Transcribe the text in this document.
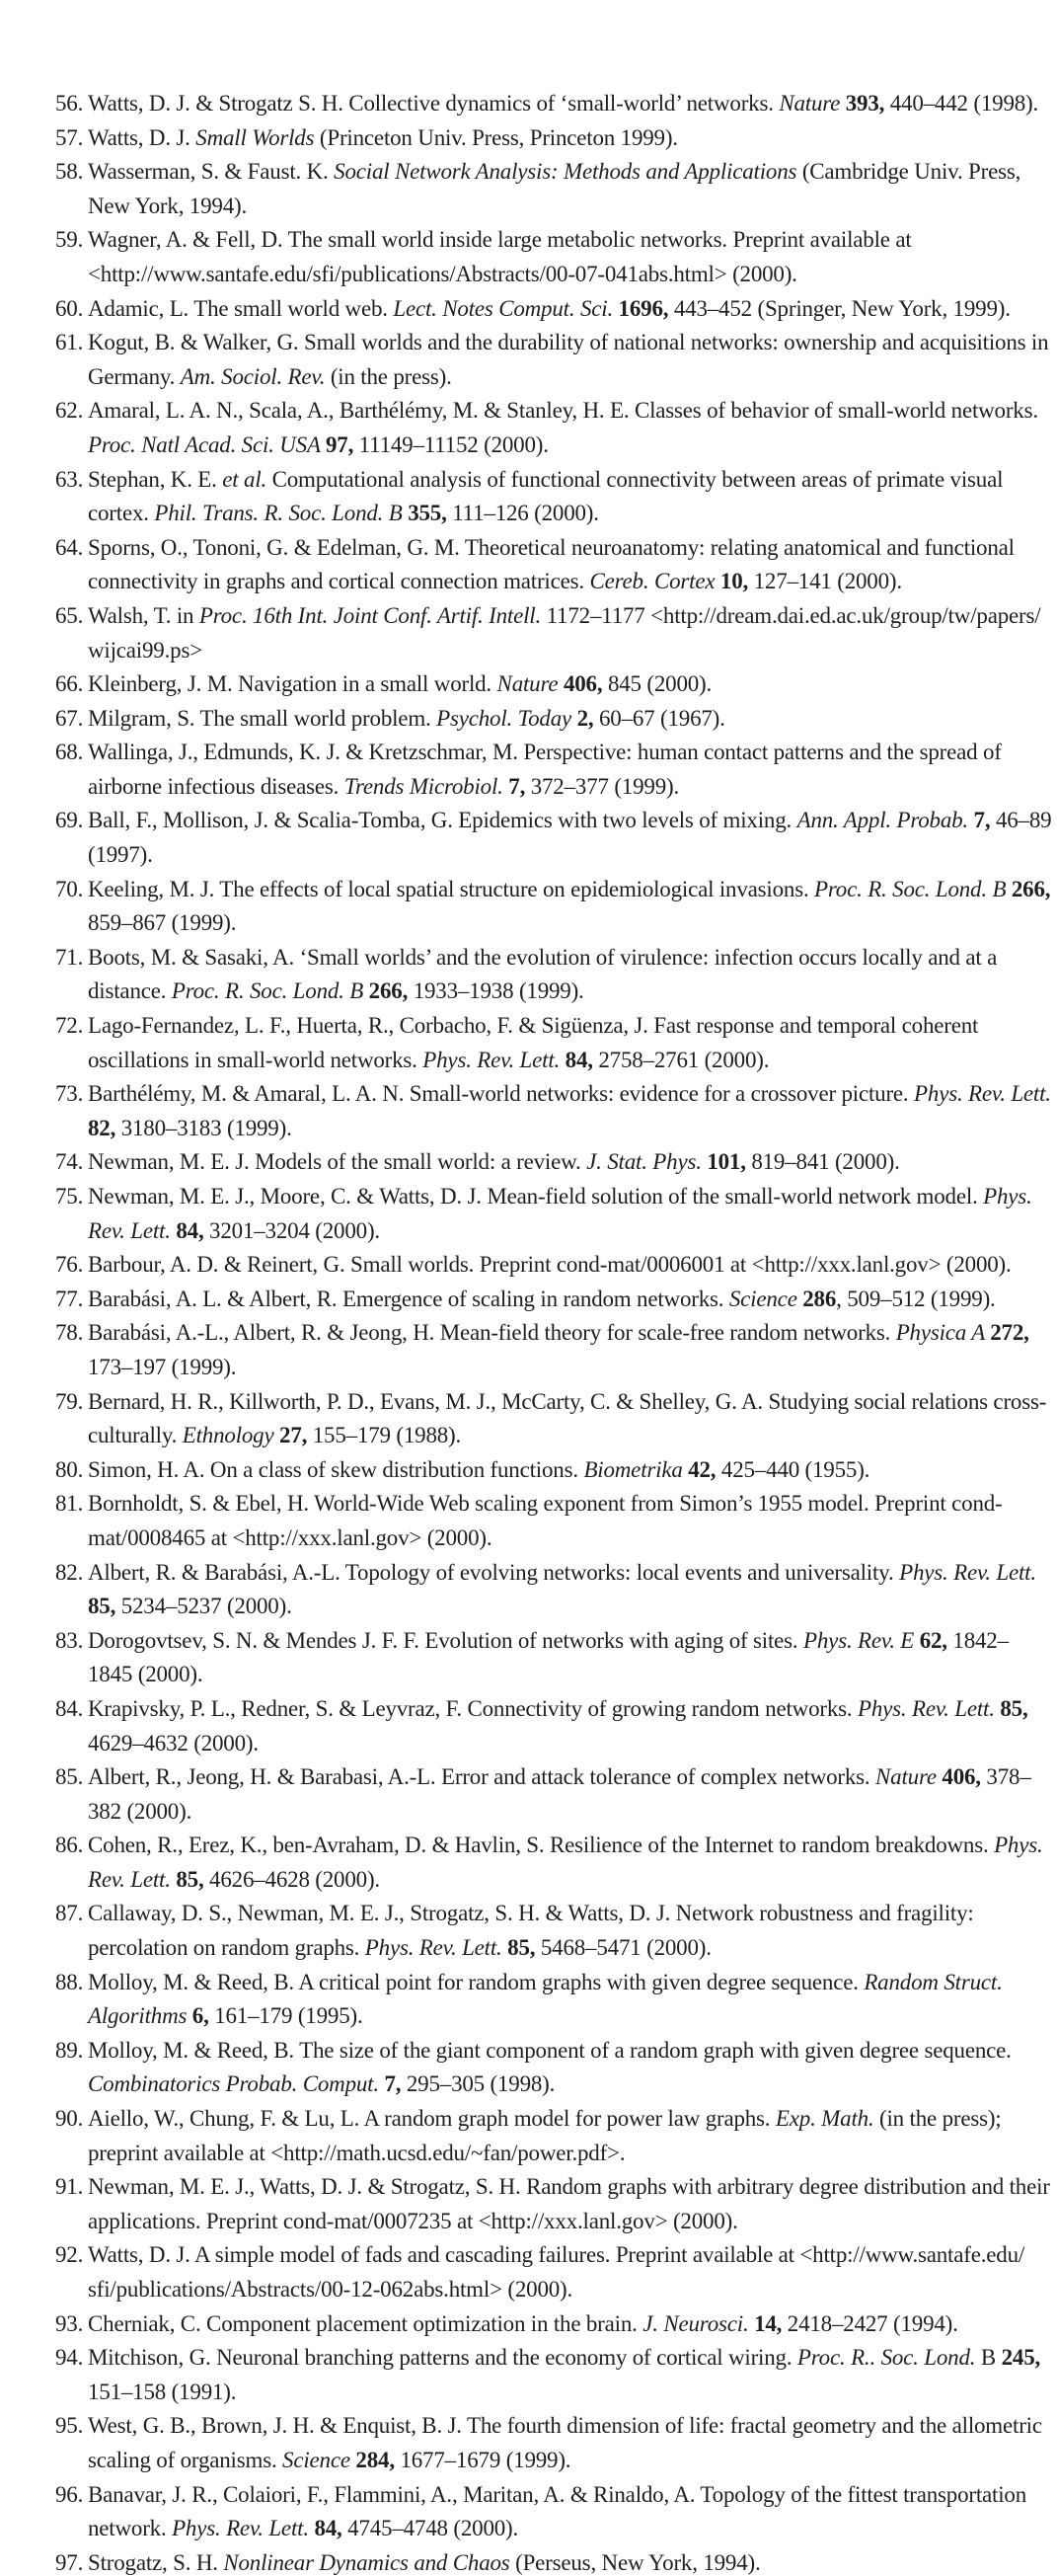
56. Watts, D. J. & Strogatz S. H. Collective dynamics of ‘small-world’ networks. Nature 393, 440–442 (1998).
57. Watts, D. J. Small Worlds (Princeton Univ. Press, Princeton 1999).
58. Wasserman, S. & Faust. K. Social Network Analysis: Methods and Applications (Cambridge Univ. Press, New York, 1994).
59. Wagner, A. & Fell, D. The small world inside large metabolic networks. Preprint available at <http://www.santafe.edu/​sfi/​publications/​Abstracts/​00-07-041abs.html> (2000).
60. Adamic, L. The small world web. Lect. Notes Comput. Sci. 1696, 443–452 (Springer, New York, 1999).
61. Kogut, B. & Walker, G. Small worlds and the durability of national networks: ownership and acquisitions in Germany. Am. Sociol. Rev. (in the press).
62. Amaral, L. A. N., Scala, A., Barthélémy, M. & Stanley, H. E. Classes of behavior of small-world networks. Proc. Natl Acad. Sci. USA 97, 11149–11152 (2000).
63. Stephan, K. E. et al. Computational analysis of functional connectivity between areas of primate visual cortex. Phil. Trans. R. Soc. Lond. B 355, 111–126 (2000).
64. Sporns, O., Tononi, G. & Edelman, G. M. Theoretical neuroanatomy: relating anatomical and functional connectivity in graphs and cortical connection matrices. Cereb. Cortex 10, 127–141 (2000).
65. Walsh, T. in Proc. 16th Int. Joint Conf. Artif. Intell. 1172–1177 <http://dream.dai.ed.ac.uk/​group/​tw/​papers/​wijcai99.ps>
66. Kleinberg, J. M. Navigation in a small world. Nature 406, 845 (2000).
67. Milgram, S. The small world problem. Psychol. Today 2, 60–67 (1967).
68. Wallinga, J., Edmunds, K. J. & Kretzschmar, M. Perspective: human contact patterns and the spread of airborne infectious diseases. Trends Microbiol. 7, 372–377 (1999).
69. Ball, F., Mollison, J. & Scalia-Tomba, G. Epidemics with two levels of mixing. Ann. Appl. Probab. 7, 46–89 (1997).
70. Keeling, M. J. The effects of local spatial structure on epidemiological invasions. Proc. R. Soc. Lond. B 266, 859–867 (1999).
71. Boots, M. & Sasaki, A. ‘Small worlds’ and the evolution of virulence: infection occurs locally and at a distance. Proc. R. Soc. Lond. B 266, 1933–1938 (1999).
72. Lago-Fernandez, L. F., Huerta, R., Corbacho, F. & Sigüenza, J. Fast response and temporal coherent oscillations in small-world networks. Phys. Rev. Lett. 84, 2758–2761 (2000).
73. Barthélémy, M. & Amaral, L. A. N. Small-world networks: evidence for a crossover picture. Phys. Rev. Lett. 82, 3180–3183 (1999).
74. Newman, M. E. J. Models of the small world: a review. J. Stat. Phys. 101, 819–841 (2000).
75. Newman, M. E. J., Moore, C. & Watts, D. J. Mean-field solution of the small-world network model. Phys. Rev. Lett. 84, 3201–3204 (2000).
76. Barbour, A. D. & Reinert, G. Small worlds. Preprint cond-mat/0006001 at <http://xxx.lanl.gov> (2000).
77. Barabási, A. L. & Albert, R. Emergence of scaling in random networks. Science 286, 509–512 (1999).
78. Barabási, A.-L., Albert, R. & Jeong, H. Mean-field theory for scale-free random networks. Physica A 272, 173–197 (1999).
79. Bernard, H. R., Killworth, P. D., Evans, M. J., McCarty, C. & Shelley, G. A. Studying social relations cross-culturally. Ethnology 27, 155–179 (1988).
80. Simon, H. A. On a class of skew distribution functions. Biometrika 42, 425–440 (1955).
81. Bornholdt, S. & Ebel, H. World-Wide Web scaling exponent from Simon’s 1955 model. Preprint cond-mat/0008465 at <http://xxx.lanl.gov> (2000).
82. Albert, R. & Barabási, A.-L. Topology of evolving networks: local events and universality. Phys. Rev. Lett. 85, 5234–5237 (2000).
83. Dorogovtsev, S. N. & Mendes J. F. F. Evolution of networks with aging of sites. Phys. Rev. E 62, 1842–1845 (2000).
84. Krapivsky, P. L., Redner, S. & Leyvraz, F. Connectivity of growing random networks. Phys. Rev. Lett. 85, 4629–4632 (2000).
85. Albert, R., Jeong, H. & Barabasi, A.-L. Error and attack tolerance of complex networks. Nature 406, 378–382 (2000).
86. Cohen, R., Erez, K., ben-Avraham, D. & Havlin, S. Resilience of the Internet to random breakdowns. Phys. Rev. Lett. 85, 4626–4628 (2000).
87. Callaway, D. S., Newman, M. E. J., Strogatz, S. H. & Watts, D. J. Network robustness and fragility: percolation on random graphs. Phys. Rev. Lett. 85, 5468–5471 (2000).
88. Molloy, M. & Reed, B. A critical point for random graphs with given degree sequence. Random Struct. Algorithms 6, 161–179 (1995).
89. Molloy, M. & Reed, B. The size of the giant component of a random graph with given degree sequence. Combinatorics Probab. Comput. 7, 295–305 (1998).
90. Aiello, W., Chung, F. & Lu, L. A random graph model for power law graphs. Exp. Math. (in the press); preprint available at <http://math.ucsd.edu/​~fan/​power.pdf>.
91. Newman, M. E. J., Watts, D. J. & Strogatz, S. H. Random graphs with arbitrary degree distribution and their applications. Preprint cond-mat/0007235 at <http://xxx.lanl.gov> (2000).
92. Watts, D. J. A simple model of fads and cascading failures. Preprint available at <http://www.santafe.edu/​sfi/​publications/​Abstracts/​00-12-062abs.html> (2000).
93. Cherniak, C. Component placement optimization in the brain. J. Neurosci. 14, 2418–2427 (1994).
94. Mitchison, G. Neuronal branching patterns and the economy of cortical wiring. Proc. R.. Soc. Lond. B 245, 151–158 (1991).
95. West, G. B., Brown, J. H. & Enquist, B. J. The fourth dimension of life: fractal geometry and the allometric scaling of organisms. Science 284, 1677–1679 (1999).
96. Banavar, J. R., Colaiori, F., Flammini, A., Maritan, A. & Rinaldo, A. Topology of the fittest transportation network. Phys. Rev. Lett. 84, 4745–4748 (2000).
97. Strogatz, S. H. Nonlinear Dynamics and Chaos (Perseus, New York, 1994).
